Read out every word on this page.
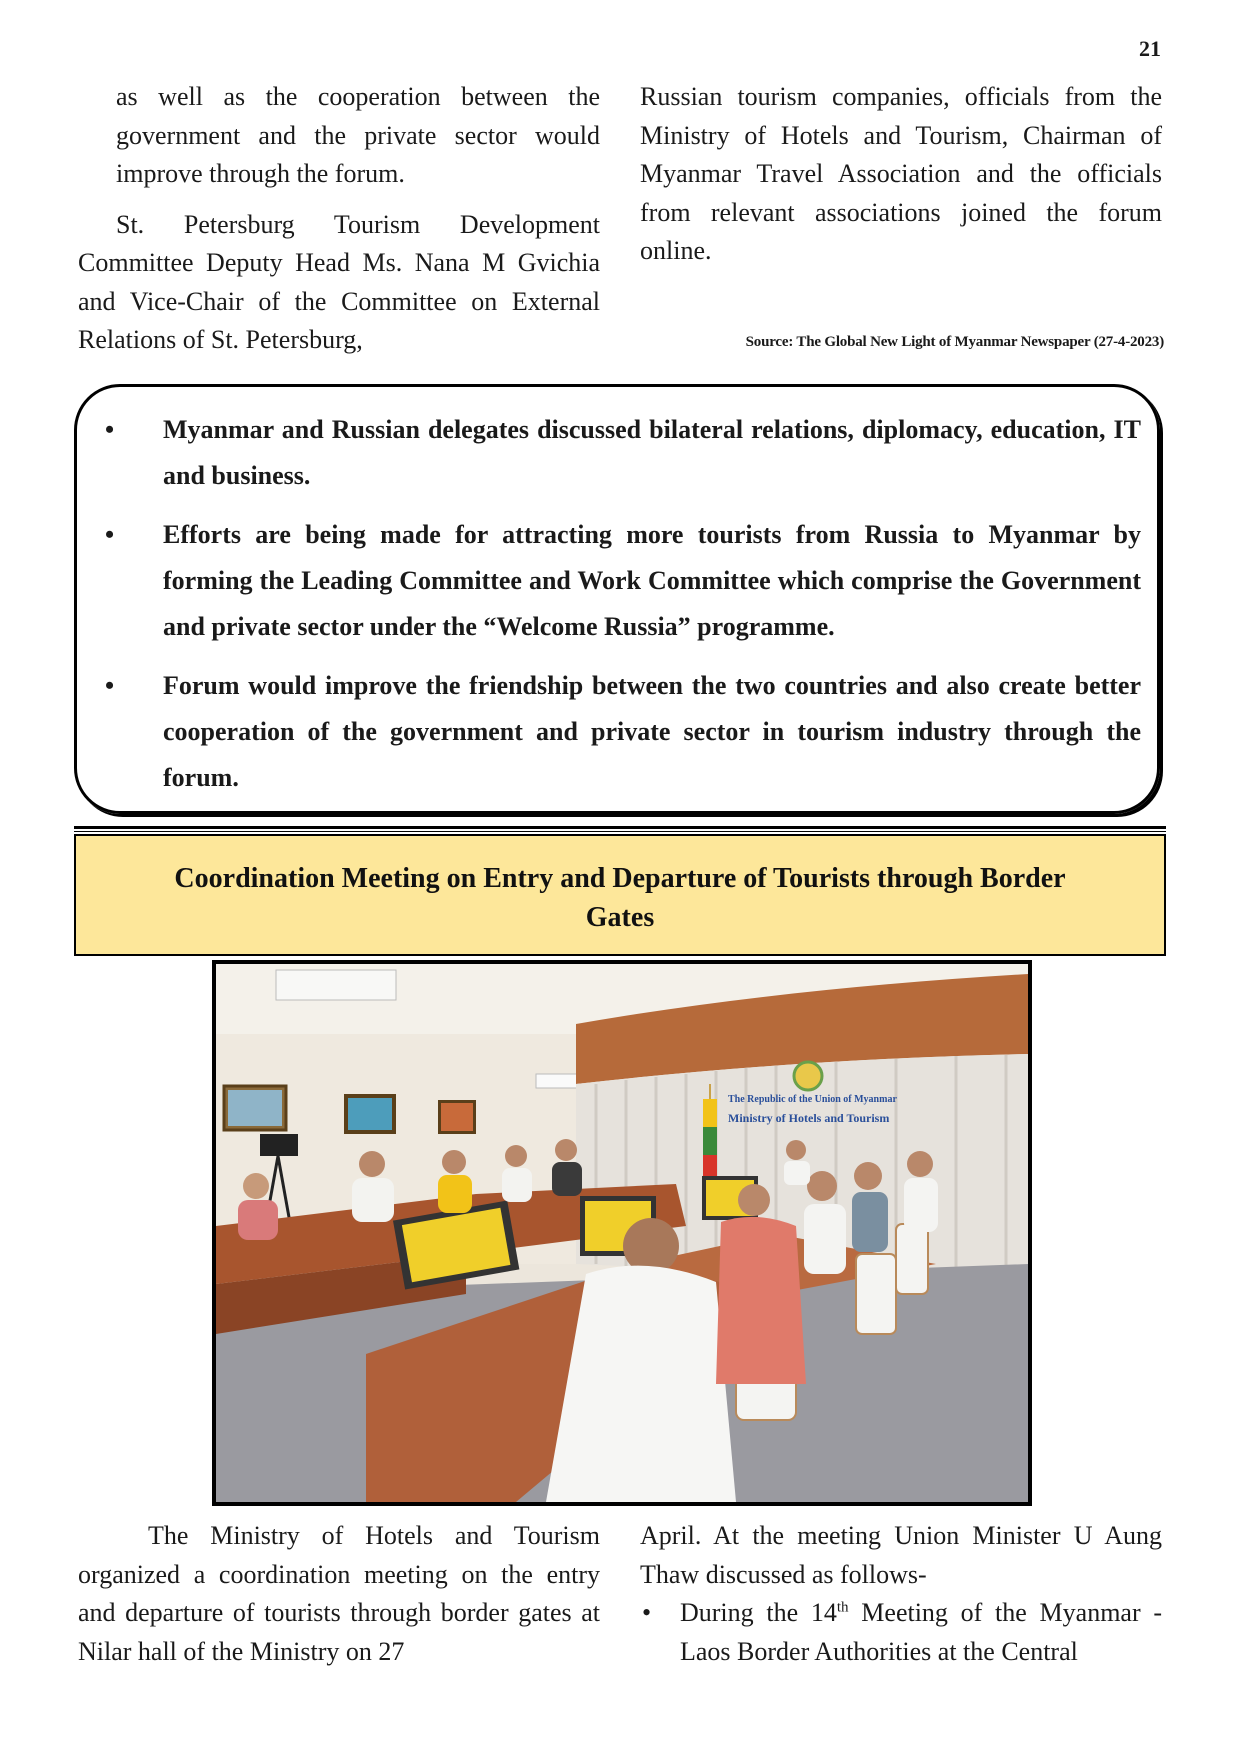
21

as well as the cooperation between the government and the private sector would improve through the forum.

St. Petersburg Tourism Development Committee Deputy Head Ms. Nana M Gvichia and Vice-Chair of the Committee on External Relations of St. Petersburg,

Russian tourism companies, officials from the Ministry of Hotels and Tourism, Chairman of Myanmar Travel Association and the officials from relevant associations joined the forum online.

Source: The Global New Light of Myanmar Newspaper (27-4-2023)
•	Myanmar and Russian delegates discussed bilateral relations, diplomacy, education, IT and business.
•	Efforts are being made for attracting more tourists from Russia to Myanmar by forming the Leading Committee and Work Committee which comprise the Government and private sector under the “Welcome Russia” programme.
•	Forum would improve the friendship between the two countries and also create better cooperation of the government and private sector in tourism industry through the forum.
Coordination Meeting on Entry and Departure of Tourists through Border Gates
The Republic of the Union of Myanmar
Ministry of Hotels and Tourism

The Ministry of Hotels and Tourism organized a coordination meeting on the entry and departure of tourists through border gates at Nilar hall of the Ministry on 27

April. At the meeting Union Minister U Aung Thaw discussed as follows-

• During the 14th Meeting of the Myanmar -Laos Border Authorities at the Central
